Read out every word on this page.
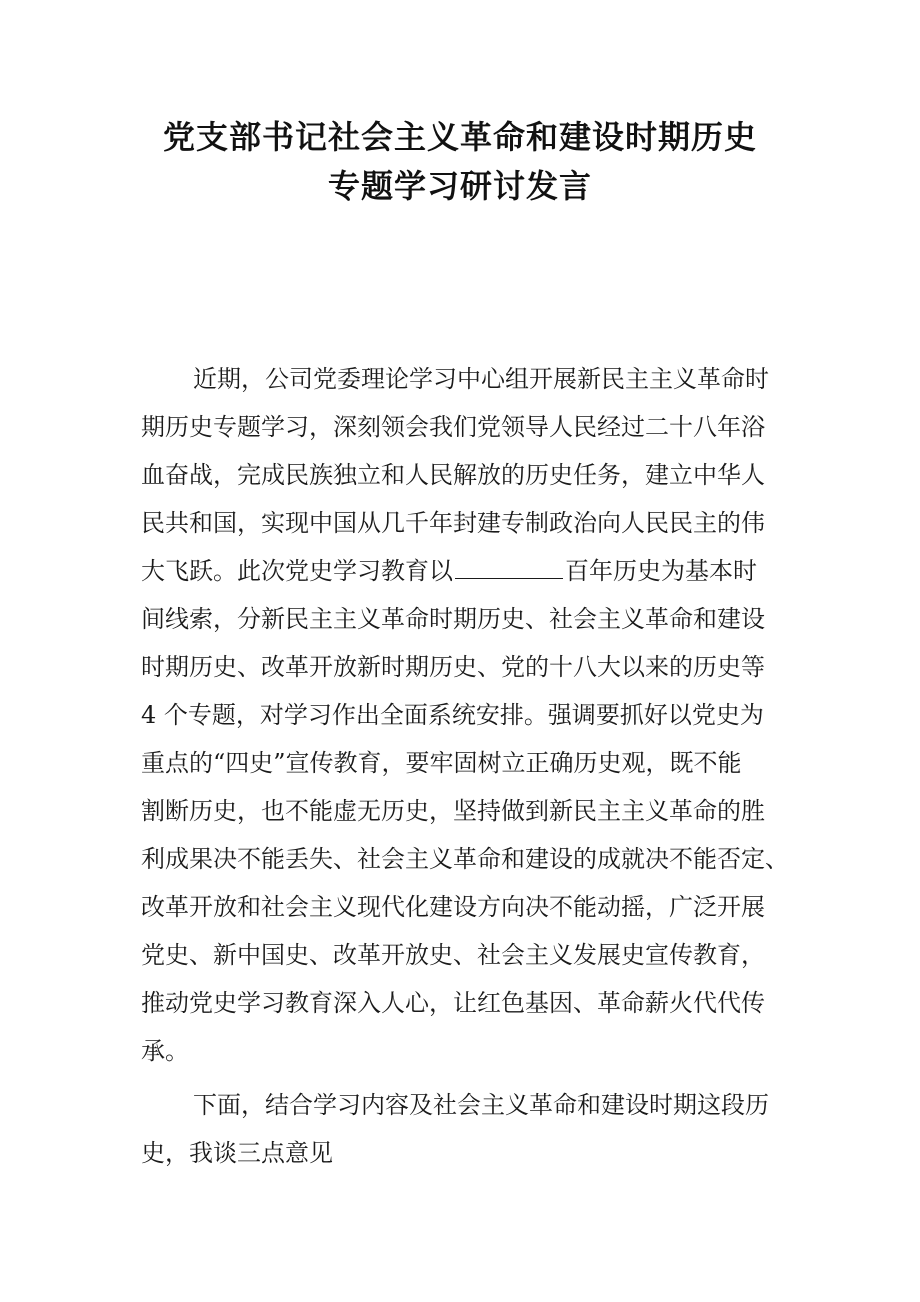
党支部书记社会主义革命和建设时期历史
专题学习研讨发言
近期，公司党委理论学习中心组开展新民主主义革命时
期历史专题学习，深刻领会我们党领导人民经过二十八年浴
血奋战，完成民族独立和人民解放的历史任务，建立中华人
民共和国，实现中国从几千年封建专制政治向人民民主的伟
大飞跃。此次党史学习教育以	百年历史为基本时
间线索，分新民主主义革命时期历史、社会主义革命和建设
时期历史、改革开放新时期历史、党的十八大以来的历史等
4 个专题，对学习作出全面系统安排。强调要抓好以党史为
重点的“四史”宣传教育，要牢固树立正确历史观，既不能
割断历史，也不能虚无历史，坚持做到新民主主义革命的胜
利成果决不能丢失、社会主义革命和建设的成就决不能否定、
改革开放和社会主义现代化建设方向决不能动摇，广泛开展
党史、新中国史、改革开放史、社会主义发展史宣传教育，
推动党史学习教育深入人心，让红色基因、革命薪火代代传
承。
下面，结合学习内容及社会主义革命和建设时期这段历
史，我谈三点意见
